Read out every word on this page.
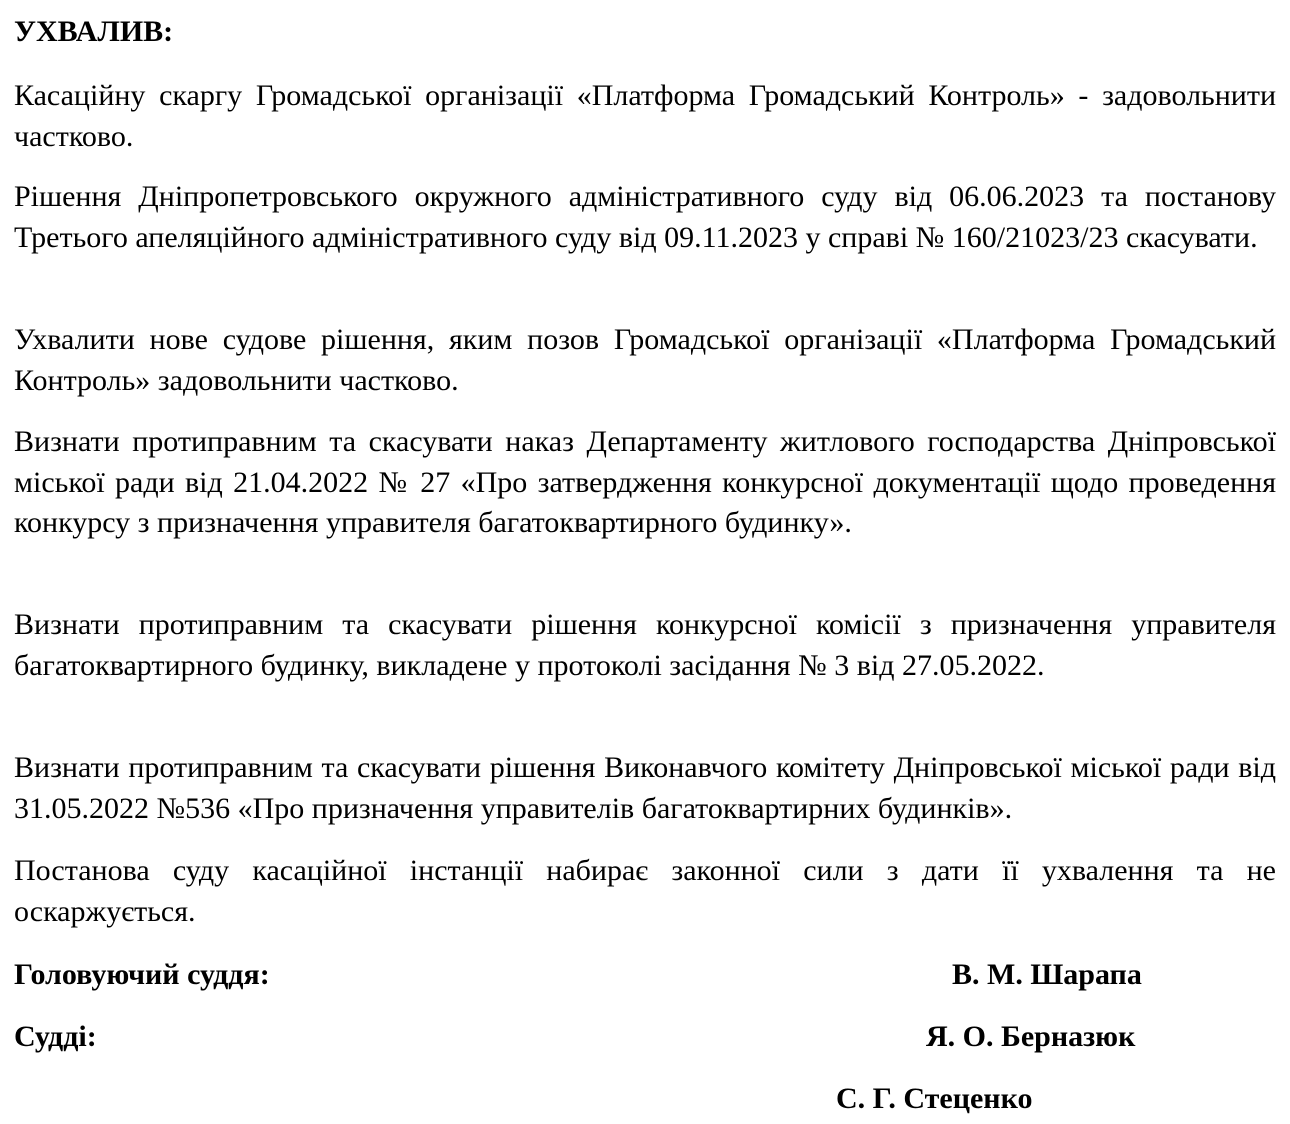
УХВАЛИВ:

Касаційну скаргу Громадської організації «Платформа Громадський Контроль» - задовольнити частково.

Рішення Дніпропетровського окружного адміністративного суду від 06.06.2023 та постанову Третього апеляційного адміністративного суду від 09.11.2023 у справі № 160/21023/23 скасувати.

Ухвалити нове судове рішення, яким позов Громадської організації «Платформа Громадський Контроль» задовольнити частково.

Визнати протиправним та скасувати наказ Департаменту житлового господарства Дніпровської міської ради від 21.04.2022 № 27 «Про затвердження конкурсної документації щодо проведення конкурсу з призначення управителя багатоквартирного будинку».

Визнати протиправним та скасувати рішення конкурсної комісії з призначення управителя багатоквартирного будинку, викладене у протоколі засідання № 3 від 27.05.2022.

Визнати протиправним та скасувати рішення Виконавчого комітету Дніпровської міської ради від 31.05.2022 №536 «Про призначення управителів багатоквартирних будинків».

Постанова суду касаційної інстанції набирає законної сили з дати її ухвалення та не оскаржується.

Головуючий суддя:	В. М. Шарапа

Судді:	Я. О. Берназюк

С. Г. Стеценко
